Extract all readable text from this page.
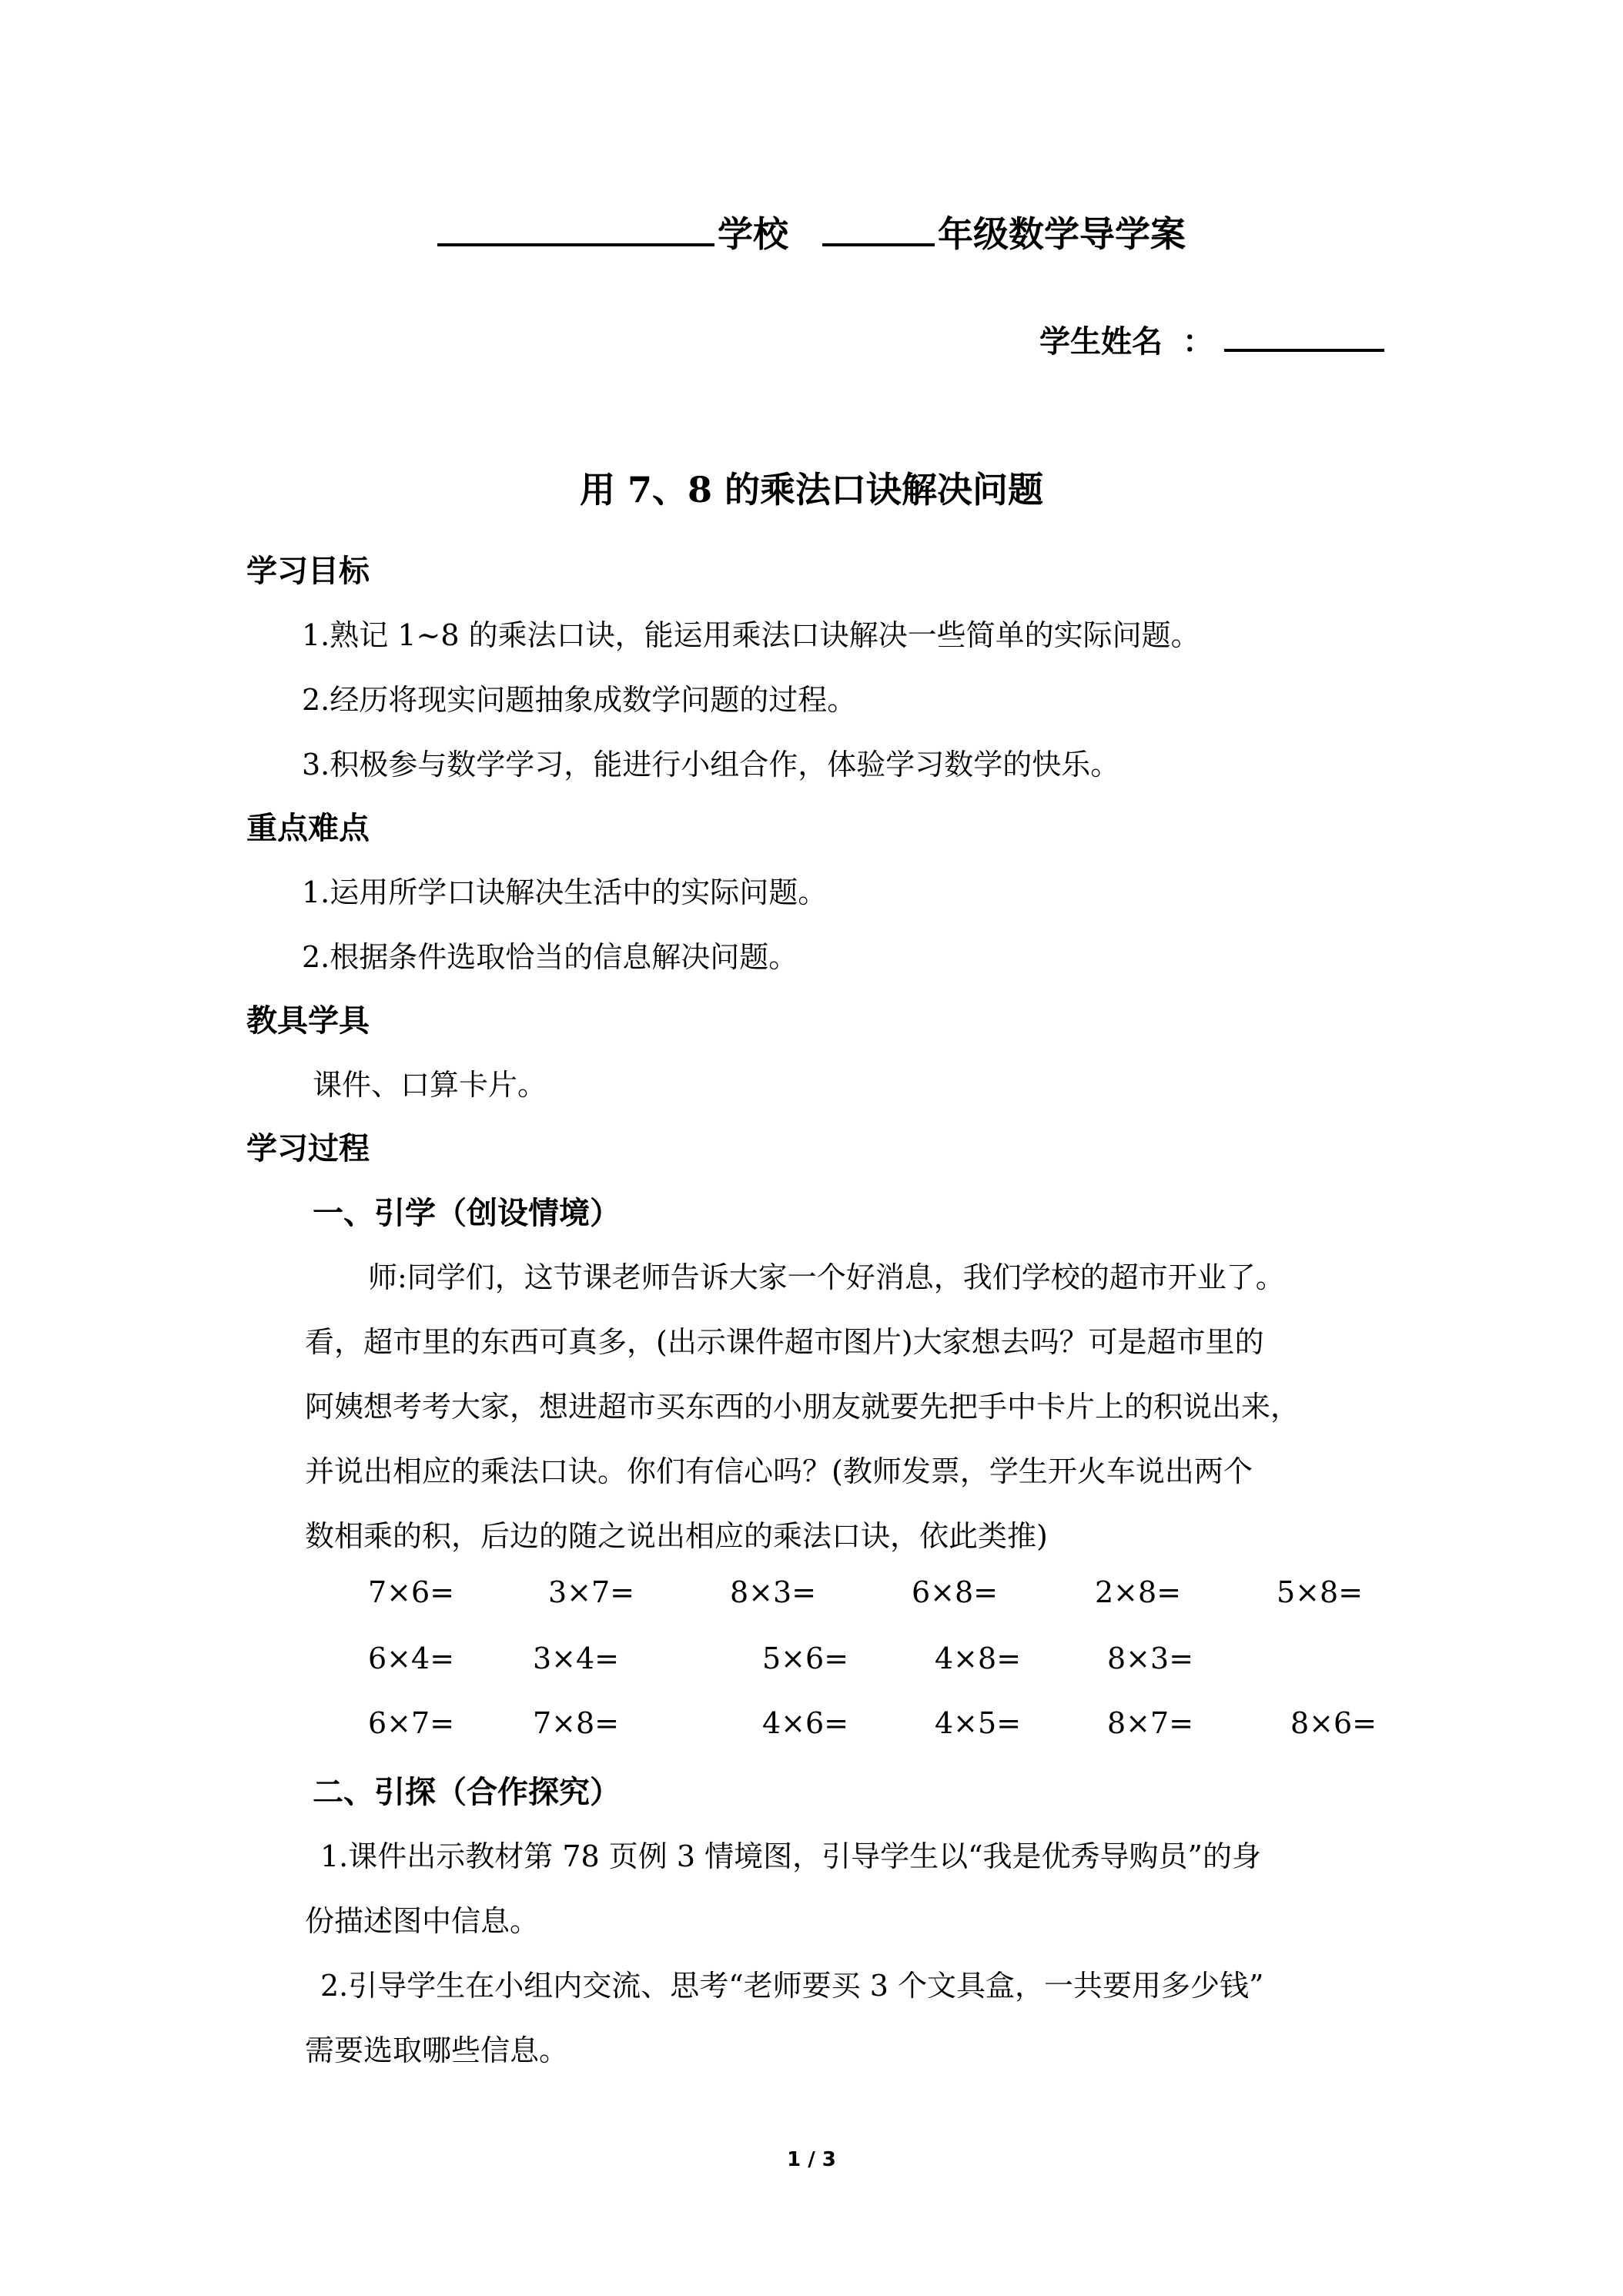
学校	年级数学导学案
学生姓名 ：
用 7、8 的乘法口诀解决问题
学习目标
1.熟记 1~8 的乘法口诀，能运用乘法口诀解决一些简单的实际问题。
2.经历将现实问题抽象成数学问题的过程。
3.积极参与数学学习，能进行小组合作，体验学习数学的快乐。
重点难点
1.运用所学口诀解决生活中的实际问题。
2.根据条件选取恰当的信息解决问题。
教具学具
课件、口算卡片。
学习过程
一、引学（创设情境）
师:同学们，这节课老师告诉大家一个好消息，我们学校的超市开业了。
看，超市里的东西可真多，(出示课件超市图片)大家想去吗？可是超市里的
阿姨想考考大家，想进超市买东西的小朋友就要先把手中卡片上的积说出来，
并说出相应的乘法口诀。你们有信心吗？(教师发票，学生开火车说出两个
数相乘的积，后边的随之说出相应的乘法口诀，依此类推)
7×6=	3×7=	8×3=	6×8=	2×8=	5×8=
6×4=	3×4=	5×6=	4×8=	8×3=
6×7=	7×8=	4×6=	4×5=	8×7=	8×6=
二、引探（合作探究）
1.课件出示教材第 78 页例 3 情境图，引导学生以“我是优秀导购员”的身
份描述图中信息。
2.引导学生在小组内交流、思考“老师要买 3 个文具盒，一共要用多少钱”
需要选取哪些信息。
1 / 3
